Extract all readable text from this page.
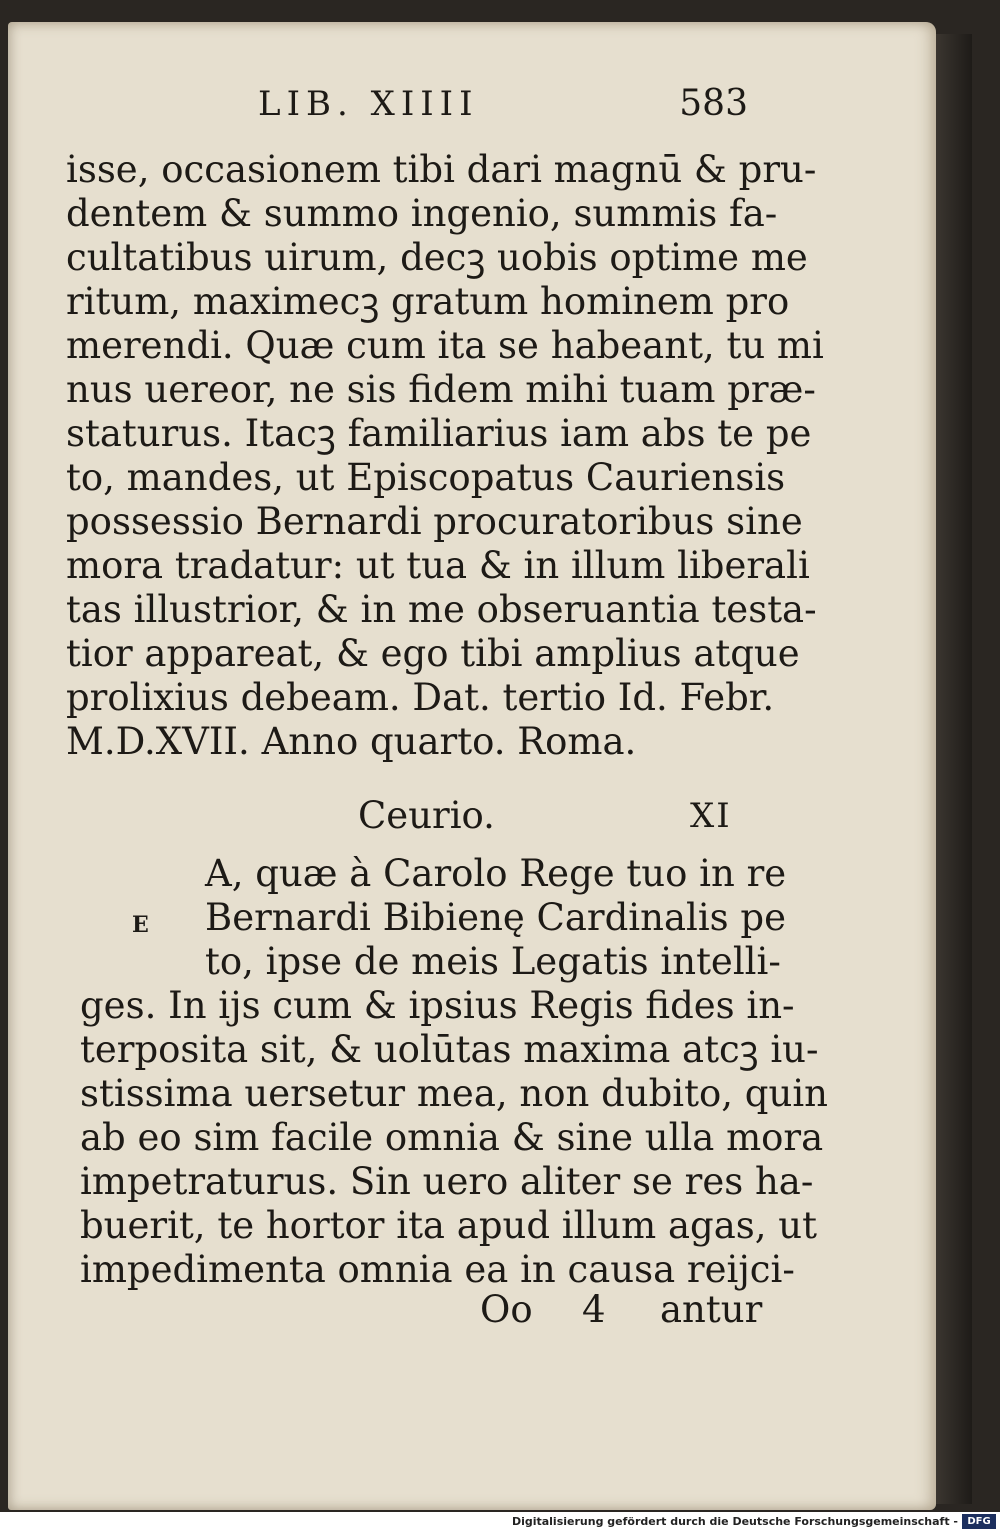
LIB. XIIII	583
isse, occasionem tibi dari magnū & pru-
dentem & summo ingenio, summis fa-
cultatibus uirum, decꝫ uobis optime me
ritum, maximecꝫ gratum hominem pro
merendi. Quæ cum ita se habeant, tu mi
nus uereor, ne sis fidem mihi tuam præ-
staturus. Itacꝫ familiarius iam abs te pe
to, mandes, ut Episcopatus Cauriensis
possessio Bernardi procuratoribus sine
mora tradatur: ut tua & in illum liberali
tas illustrior, & in me obseruantia testa-
tior appareat, & ego tibi amplius atque
prolixius debeam. Dat. tertio Id. Febr.
M.D.XVII. Anno quarto. Roma.
Ceurio.	XI
E
A, quæ à Carolo Rege tuo in re
Bernardi Bibienę Cardinalis pe
to, ipse de meis Legatis intelli-
ges. In ijs cum & ipsius Regis fides in-
terposita sit, & uolūtas maxima atcꝫ iu-
stissima uersetur mea, non dubito, quin
ab eo sim facile omnia & sine ulla mora
impetraturus. Sin uero aliter se res ha-
buerit, te hortor ita apud illum agas, ut
impedimenta omnia ea in causa reijci-
Oo 4 antur
Digitalisierung gefördert durch die Deutsche Forschungsgemeinschaft - DFG
